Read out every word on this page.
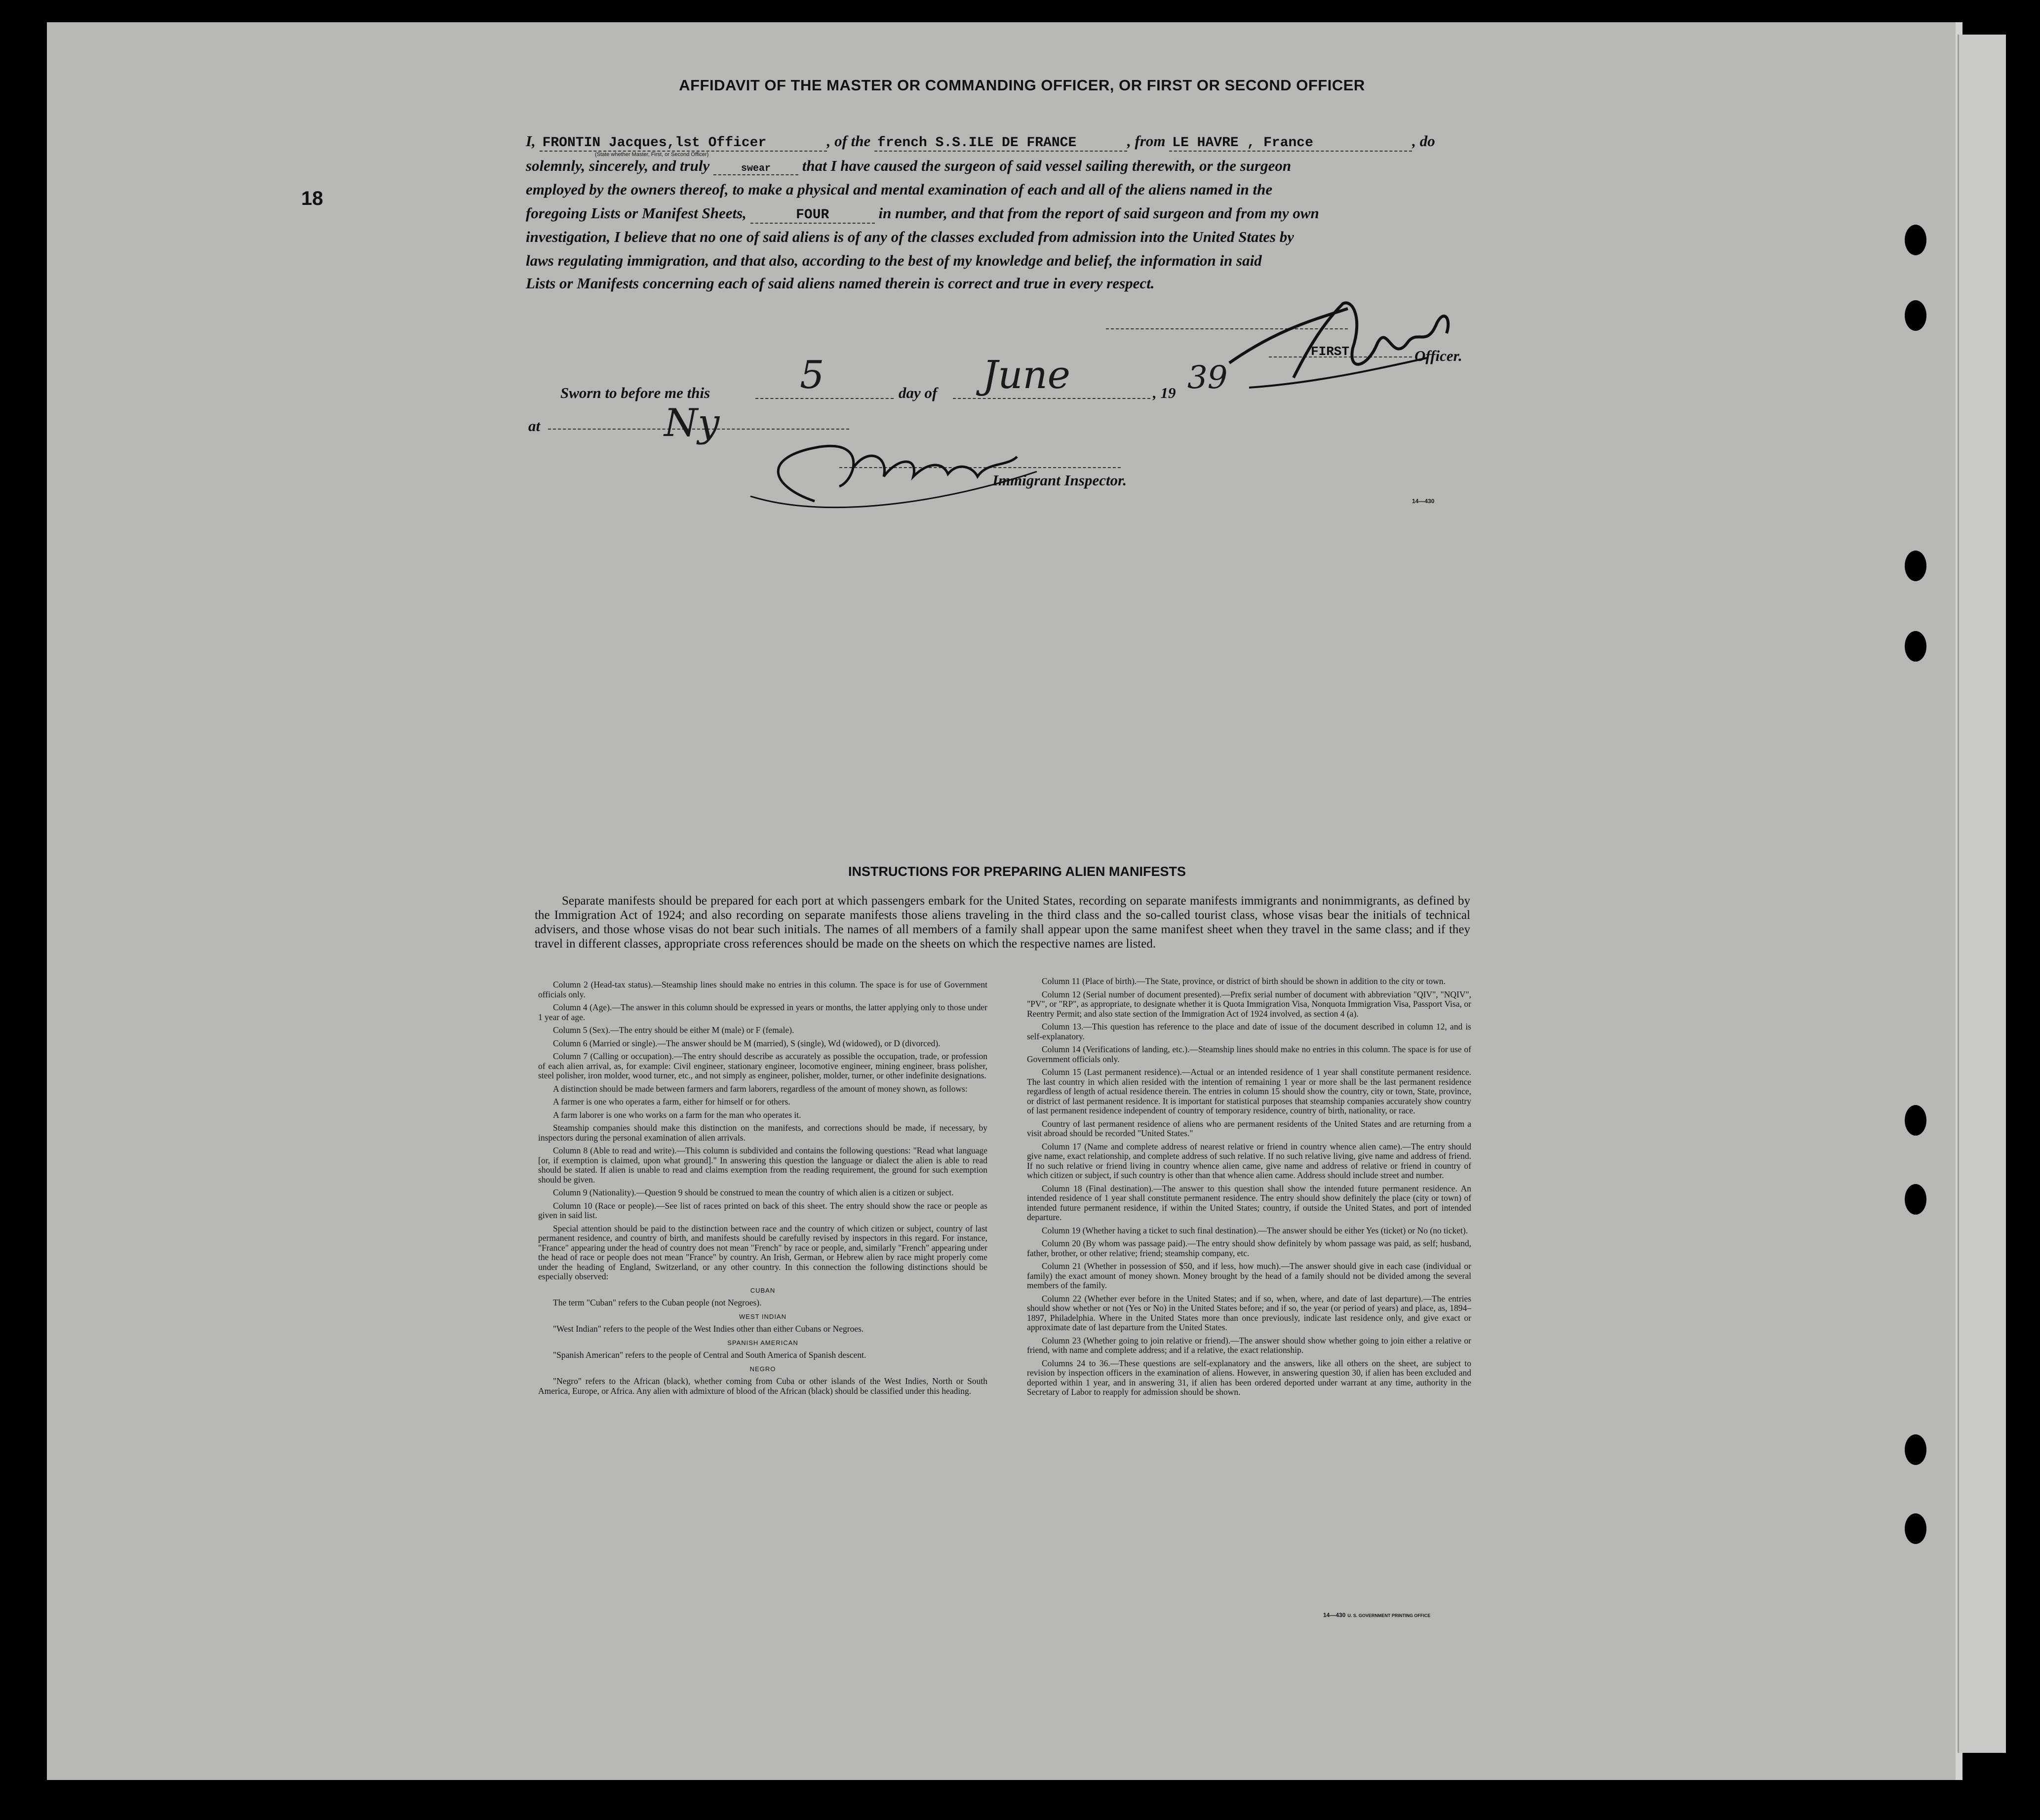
18
AFFIDAVIT OF THE MASTER OR COMMANDING OFFICER, OR FIRST OR SECOND OFFICER
I, FRONTIN Jacques,lst Officer	, of the french S.S.ILE DE FRANCE	, from LE HAVRE , France	, do
(State whether Master, First, or Second Officer)
solemnly, sincerely, and truly	swear that I have caused the surgeon of said vessel sailing therewith, or the surgeon
employed by the owners thereof, to make a physical and mental examination of each and all of the aliens named in the
foregoing Lists or Manifest Sheets,	FOUR	in number, and that from the report of said surgeon and from my own
investigation, I believe that no one of said aliens is of any of the classes excluded from admission into the United States by
laws regulating immigration, and that also, according to the best of my knowledge and belief, the information in said
Lists or Manifests concerning each of said aliens named therein is correct and true in every respect.
FIRST	Officer.
Sworn to before me this 5	day of June	, 19 39
at	Ny
Immigrant Inspector.
14—430
INSTRUCTIONS FOR PREPARING ALIEN MANIFESTS
Separate manifests should be prepared for each port at which passengers embark for the United States, recording on separate manifests immigrants and nonimmigrants, as defined by the Immigration Act of 1924; and also recording on separate manifests those aliens traveling in the third class and the so-called tourist class, whose visas bear the initials of technical advisers, and those whose visas do not bear such initials. The names of all members of a family shall appear upon the same manifest sheet when they travel in the same class; and if they travel in different classes, appropriate cross references should be made on the sheets on which the respective names are listed.

Column 2 (Head-tax status).—Steamship lines should make no entries in this column. The space is for use of Government officials only.

Column 4 (Age).—The answer in this column should be expressed in years or months, the latter applying only to those under 1 year of age.

Column 5 (Sex).—The entry should be either M (male) or F (female).

Column 6 (Married or single).—The answer should be M (married), S (single), Wd (widowed), or D (divorced).

Column 7 (Calling or occupation).—The entry should describe as accurately as possible the occupation, trade, or profession of each alien arrival, as, for example: Civil engineer, stationary engineer, locomotive engineer, mining engineer, brass polisher, steel polisher, iron molder, wood turner, etc., and not simply as engineer, polisher, molder, turner, or other indefinite designations.

A distinction should be made between farmers and farm laborers, regardless of the amount of money shown, as follows:

A farmer is one who operates a farm, either for himself or for others.

A farm laborer is one who works on a farm for the man who operates it.

Steamship companies should make this distinction on the manifests, and corrections should be made, if necessary, by inspectors during the personal examination of alien arrivals.

Column 8 (Able to read and write).—This column is subdivided and contains the following questions: "Read what language [or, if exemption is claimed, upon what ground]." In answering this question the language or dialect the alien is able to read should be stated. If alien is unable to read and claims exemption from the reading requirement, the ground for such exemption should be given.

Column 9 (Nationality).—Question 9 should be construed to mean the country of which alien is a citizen or subject.

Column 10 (Race or people).—See list of races printed on back of this sheet. The entry should show the race or people as given in said list.

Special attention should be paid to the distinction between race and the country of which citizen or subject, country of last permanent residence, and country of birth, and manifests should be carefully revised by inspectors in this regard. For instance, "France" appearing under the head of country does not mean "French" by race or people, and, similarly "French" appearing under the head of race or people does not mean "France" by country. An Irish, German, or Hebrew alien by race might properly come under the heading of England, Switzerland, or any other country. In this connection the following distinctions should be especially observed:

CUBAN

The term "Cuban" refers to the Cuban people (not Negroes).

WEST INDIAN

"West Indian" refers to the people of the West Indies other than either Cubans or Negroes.

SPANISH AMERICAN

"Spanish American" refers to the people of Central and South America of Spanish descent.

NEGRO

"Negro" refers to the African (black), whether coming from Cuba or other islands of the West Indies, North or South America, Europe, or Africa. Any alien with admixture of blood of the African (black) should be classified under this heading.

Column 11 (Place of birth).—The State, province, or district of birth should be shown in addition to the city or town.

Column 12 (Serial number of document presented).—Prefix serial number of document with abbreviation "QIV", "NQIV", "PV", or "RP", as appropriate, to designate whether it is Quota Immigration Visa, Nonquota Immigration Visa, Passport Visa, or Reentry Permit; and also state section of the Immigration Act of 1924 involved, as section 4 (a).

Column 13.—This question has reference to the place and date of issue of the document described in column 12, and is self-explanatory.

Column 14 (Verifications of landing, etc.).—Steamship lines should make no entries in this column. The space is for use of Government officials only.

Column 15 (Last permanent residence).—Actual or an intended residence of 1 year shall constitute permanent residence. The last country in which alien resided with the intention of remaining 1 year or more shall be the last permanent residence regardless of length of actual residence therein. The entries in column 15 should show the country, city or town, State, province, or district of last permanent residence. It is important for statistical purposes that steamship companies accurately show country of last permanent residence independent of country of temporary residence, country of birth, nationality, or race.

Country of last permanent residence of aliens who are permanent residents of the United States and are returning from a visit abroad should be recorded "United States."

Column 17 (Name and complete address of nearest relative or friend in country whence alien came).—The entry should give name, exact relationship, and complete address of such relative. If no such relative living, give name and address of friend. If no such relative or friend living in country whence alien came, give name and address of relative or friend in country of which citizen or subject, if such country is other than that whence alien came. Address should include street and number.

Column 18 (Final destination).—The answer to this question shall show the intended future permanent residence. An intended residence of 1 year shall constitute permanent residence. The entry should show definitely the place (city or town) of intended future permanent residence, if within the United States; country, if outside the United States, and port of intended departure.

Column 19 (Whether having a ticket to such final destination).—The answer should be either Yes (ticket) or No (no ticket).

Column 20 (By whom was passage paid).—The entry should show definitely by whom passage was paid, as self; husband, father, brother, or other relative; friend; steamship company, etc.

Column 21 (Whether in possession of $50, and if less, how much).—The answer should give in each case (individual or family) the exact amount of money shown. Money brought by the head of a family should not be divided among the several members of the family.

Column 22 (Whether ever before in the United States; and if so, when, where, and date of last departure).—The entries should show whether or not (Yes or No) in the United States before; and if so, the year (or period of years) and place, as, 1894–1897, Philadelphia. Where in the United States more than once previously, indicate last residence only, and give exact or approximate date of last departure from the United States.

Column 23 (Whether going to join relative or friend).—The answer should show whether going to join either a relative or friend, with name and complete address; and if a relative, the exact relationship.

Columns 24 to 36.—These questions are self-explanatory and the answers, like all others on the sheet, are subject to revision by inspection officers in the examination of aliens. However, in answering question 30, if alien has been excluded and deported within 1 year, and in answering 31, if alien has been ordered deported under warrant at any time, authority in the Secretary of Labor to reapply for admission should be shown.

14—430 U. S. GOVERNMENT PRINTING OFFICE
